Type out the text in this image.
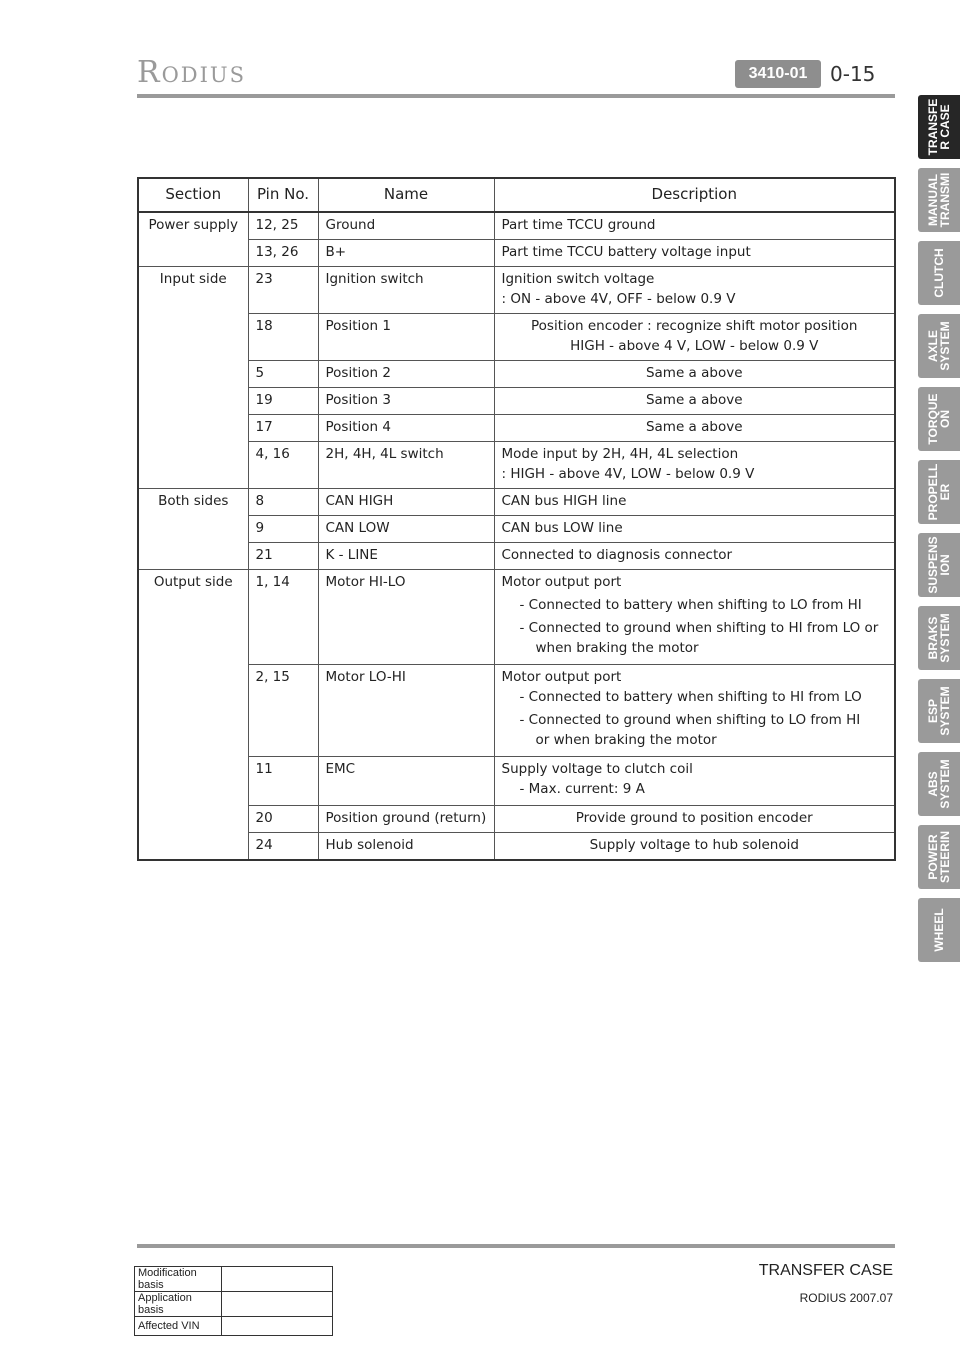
Rodius	3410-01	0-15
TRANSFE
R CASE
MANUAL
TRANSMI
CLUTCH
AXLE
SYSTEM
TORQUE
ON
PROPELL
ER
SUSPENS
ION
BRAKS
SYSTEM
ESP
SYSTEM
ABS
SYSTEM
POWER
STEERIN
WHEEL
Section	Pin No.	Name	Description
Power supply	12, 25	Ground	Part time TCCU ground

	13, 26	B+	Part time TCCU battery voltage input

Input side	23	Ignition switch	Ignition switch voltage
: ON - above 4V, OFF - below 0.9 V

	18	Position 1	Position encoder : recognize shift motor position
HIGH - above 4 V, LOW - below 0.9 V

	5	Position 2	Same a above

	19	Position 3	Same a above

	17	Position 4	Same a above

	4, 16	2H, 4H, 4L switch	Mode input by 2H, 4H, 4L selection
: HIGH - above 4V, LOW - below 0.9 V

Both sides	8	CAN HIGH	CAN bus HIGH line

	9	CAN LOW	CAN bus LOW line

	21	K - LINE	Connected to diagnosis connector

Output side	1, 14	Motor HI-LO	Motor output port
- Connected to battery when shifting to LO from HI
- Connected to ground when shifting to HI from LO or
when braking the motor

	2, 15	Motor LO-HI	Motor output port
- Connected to battery when shifting to HI from LO
- Connected to ground when shifting to LO from HI
or when braking the motor

	11	EMC	Supply voltage to clutch coil
- Max. current: 9 A

	20	Position ground (return)	Provide ground to position encoder

	24	Hub solenoid	Supply voltage to hub solenoid
Modification basis	
Application basis	
Affected VIN	
TRANSFER CASE
RODIUS 2007.07
